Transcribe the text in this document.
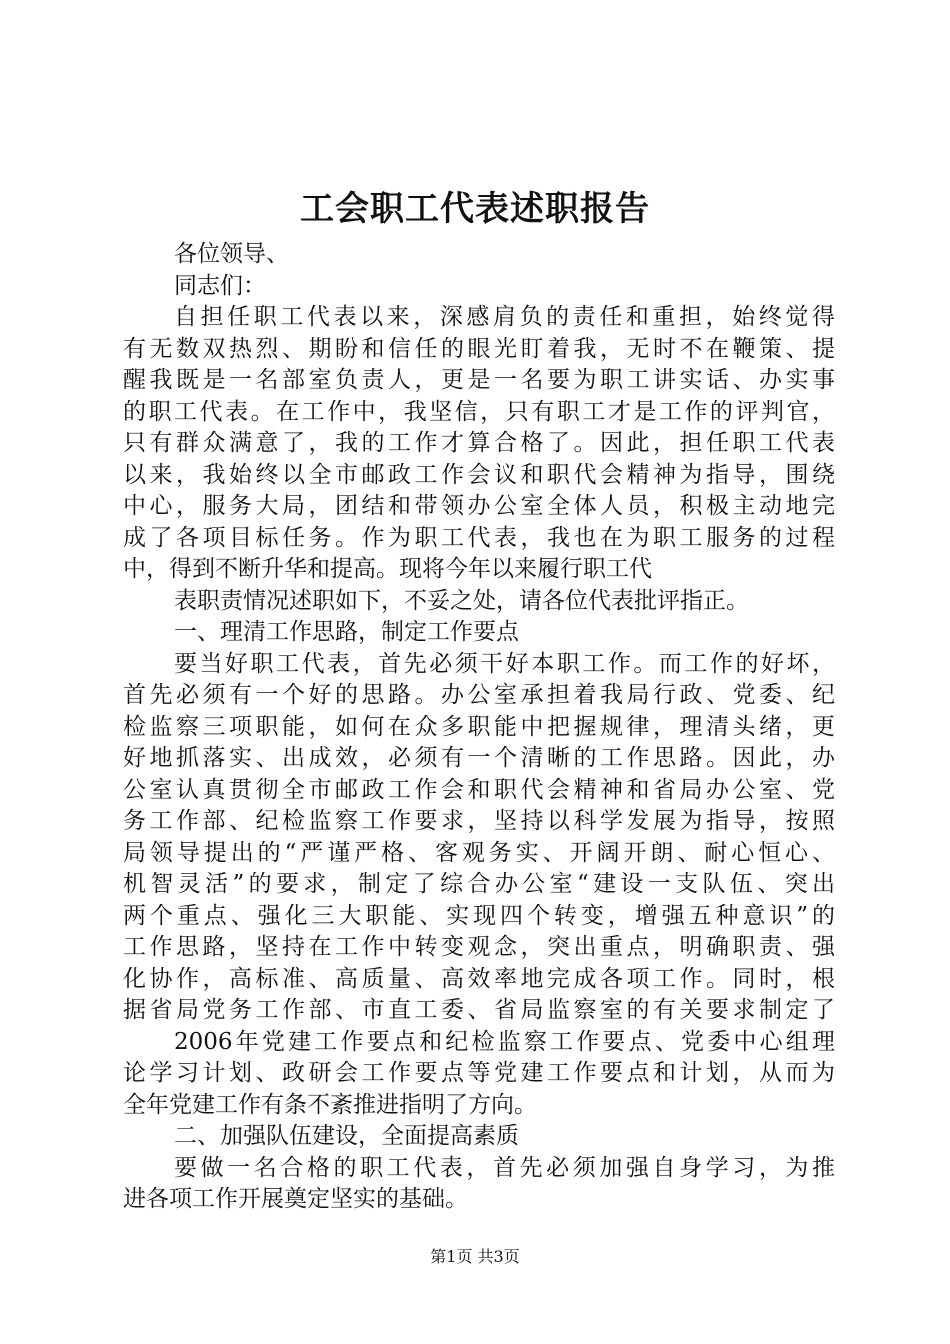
工会职工代表述职报告
各位领导、
同志们：
自担任职工代表以来，深感肩负的责任和重担，始终觉得
有无数双热烈、期盼和信任的眼光盯着我，无时不在鞭策、提
醒我既是一名部室负责人，更是一名要为职工讲实话、办实事
的职工代表。在工作中，我坚信，只有职工才是工作的评判官，
只有群众满意了，我的工作才算合格了。因此，担任职工代表
以来，我始终以全市邮政工作会议和职代会精神为指导，围绕
中心，服务大局，团结和带领办公室全体人员，积极主动地完
成了各项目标任务。作为职工代表，我也在为职工服务的过程
中，得到不断升华和提高。现将今年以来履行职工代
表职责情况述职如下，不妥之处，请各位代表批评指正。
一、理清工作思路，制定工作要点
要当好职工代表，首先必须干好本职工作。而工作的好坏，
首先必须有一个好的思路。办公室承担着我局行政、党委、纪
检监察三项职能，如何在众多职能中把握规律，理清头绪，更
好地抓落实、出成效，必须有一个清晰的工作思路。因此，办
公室认真贯彻全市邮政工作会和职代会精神和省局办公室、党
务工作部、纪检监察工作要求，坚持以科学发展为指导，按照
局领导提出的“严谨严格、客观务实、开阔开朗、耐心恒心、
机智灵活”的要求，制定了综合办公室“建设一支队伍、突出
两个重点、强化三大职能、实现四个转变，增强五种意识”的
工作思路，坚持在工作中转变观念，突出重点，明确职责、强
化协作，高标准、高质量、高效率地完成各项工作。同时，根
据省局党务工作部、市直工委、省局监察室的有关要求制定了
2006年党建工作要点和纪检监察工作要点、党委中心组理
论学习计划、政研会工作要点等党建工作要点和计划，从而为
全年党建工作有条不紊推进指明了方向。
二、加强队伍建设，全面提高素质
要做一名合格的职工代表，首先必须加强自身学习，为推
进各项工作开展奠定坚实的基础。
第1页 共3页
